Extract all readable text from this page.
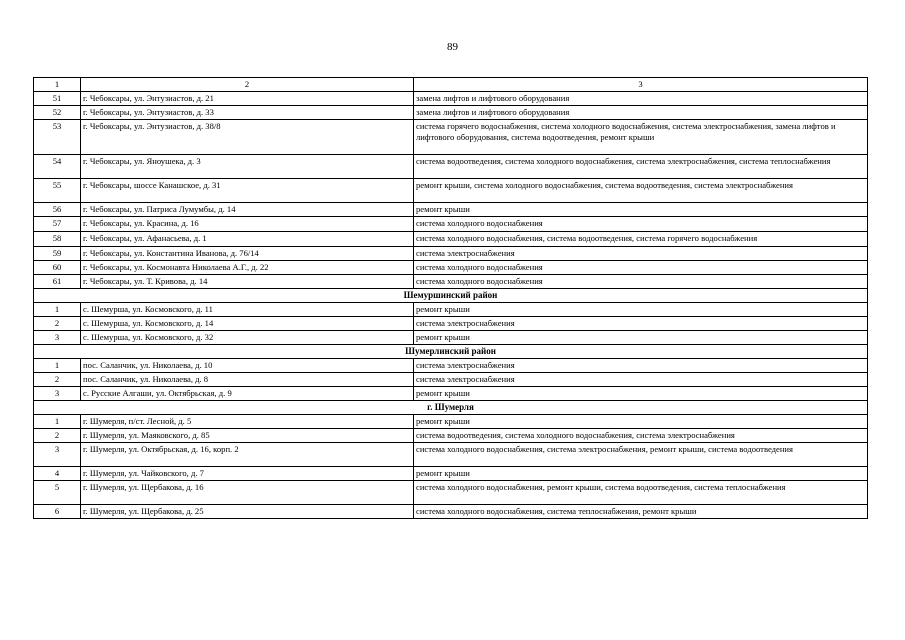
89
1	2	3
51	г. Чебоксары, ул. Энтузиастов, д. 21	замена лифтов и лифтового оборудования
52	г. Чебоксары, ул. Энтузиастов, д. 33	замена лифтов и лифтового оборудования
53	г. Чебоксары, ул. Энтузиастов, д. 38/8	система горячего водоснабжения, система холодного водоснабжения, система электроснабжения, замена лифтов и лифтового оборудования, система водоотведения, ремонт крыши
54	г. Чебоксары, ул. Яноушека, д. 3	система водоотведения, система холодного водоснабжения, система электроснабжения, система теплоснабжения
55	г. Чебоксары, шоссе Канашское, д. 31	ремонт крыши, система холодного водоснабжения, система водоотведения, система электроснабжения
56	г. Чебоксары, ул. Патриса Лумумбы, д. 14	ремонт крыши
57	г. Чебоксары, ул. Красина, д. 16	система холодного водоснабжения
58	г. Чебоксары, ул. Афанасьева, д. 1	система холодного водоснабжения, система водоотведения, система горячего водоснабжения
59	г. Чебоксары, ул. Константина Иванова, д. 76/14	система электроснабжения
60	г. Чебоксары, ул. Космонавта Николаева А.Г., д. 22	система холодного водоснабжения
61	г. Чебоксары, ул. Т. Кривова, д. 14	система холодного водоснабжения
Шемуршинский район		
1	с. Шемурша, ул. Космовского, д. 11	ремонт крыши
2	с. Шемурша, ул. Космовского, д. 14	система электроснабжения
3	с. Шемурша, ул. Космовского, д. 32	ремонт крыши
Шумерлинский район		
1	пос. Саланчик, ул. Николаева, д. 10	система электроснабжения
2	пос. Саланчик, ул. Николаева, д. 8	система электроснабжения
3	с. Русские Алгаши, ул. Октябрьская, д. 9	ремонт крыши
г. Шумерля		
1	г. Шумерля, п/ст. Лесной, д. 5	ремонт крыши
2	г. Шумерля, ул. Маяковского, д. 85	система водоотведения, система холодного водоснабжения, система электроснабжения
3	г. Шумерля, ул. Октябрьская, д. 16, корп. 2	система холодного водоснабжения, система электроснабжения, ремонт крыши, система водоотведения
4	г. Шумерля, ул. Чайковского, д. 7	ремонт крыши
5	г. Шумерля, ул. Щербакова, д. 16	система холодного водоснабжения, ремонт крыши, система водоотведения, система теплоснабжения
6	г. Шумерля, ул. Щербакова, д. 25	система холодного водоснабжения, система теплоснабжения, ремонт крыши
